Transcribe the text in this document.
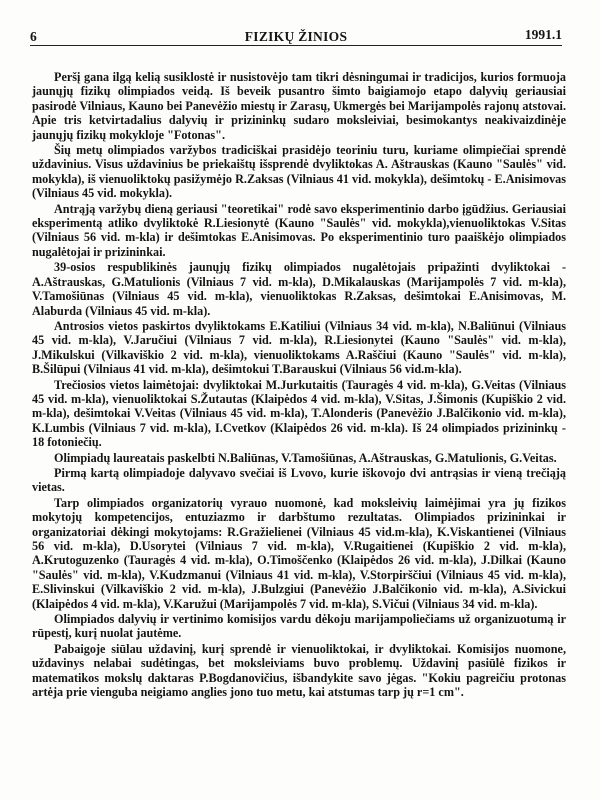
6	FIZIKŲ ŽINIOS	1991.1

Peršį gana ilgą kelią susiklostė ir nusistovėjo tam tikri dėsningumai ir tradicijos, kurios formuoja jaunųjų fizikų olimpiados veidą. Iš beveik pusantro šimto baigiamojo etapo dalyvių geriausiai pasirodė Vilniaus, Kauno bei Panevėžio miestų ir Zarasų, Ukmergės bei Marijampolės rajonų atstovai. Apie tris ketvirtadalius dalyvių ir prizininkų sudaro moksleiviai, besimokantys neakivaizdinėje jaunųjų fizikų mokykloje "Fotonas".

Šių metų olimpiados varžybos tradiciškai prasidėjo teoriniu turu, kuriame olimpiečiai sprendė uždavinius. Visus uždavinius be priekaištų išsprendė dvyliktokas A. Aštrauskas (Kauno "Saulės" vid. mokykla), iš vienuoliktokų pasižymėjo R.Zaksas (Vilniaus 41 vid. mokykla), dešimtokų - E.Anisimovas (Vilniaus 45 vid. mokykla).

Antrąją varžybų dieną geriausi "teoretikai" rodė savo eksperimentinio darbo įgūdžius. Geriausiai eksperimentą atliko dvyliktokė R.Liesionytė (Kauno "Saulės" vid. mokykla),vienuoliktokas V.Sitas (Vilniaus 56 vid. m-kla) ir dešimtokas E.Anisimovas. Po eksperimentinio turo paaiškėjo olimpiados nugalėtojai ir prizininkai.

39-osios respublikinės jaunųjų fizikų olimpiados nugalėtojais pripažinti dvyliktokai - A.Aštrauskas, G.Matulionis (Vilniaus 7 vid. m-kla), D.Mikalauskas (Marijampolės 7 vid. m-kla), V.Tamošiūnas (Vilniaus 45 vid. m-kla), vienuoliktokas R.Zaksas, dešimtokai E.Anisimovas, M. Alaburda (Vilniaus 45 vid. m-kla).

Antrosios vietos paskirtos dvyliktokams E.Katiliui (Vilniaus 34 vid. m-kla), N.Baliūnui (Vilniaus 45 vid. m-kla), V.Jaručiui (Vilniaus 7 vid. m-kla), R.Liesionytei (Kauno "Saulės" vid. m-kla), J.Mikulskui (Vilkaviškio 2 vid. m-kla), vienuoliktokams A.Raščiui (Kauno "Saulės" vid. m-kla), B.Šilūpui (Vilniaus 41 vid. m-kla), dešimtokui T.Barauskui (Vilniaus 56 vid.m-kla).

Trečiosios vietos laimėtojai: dvyliktokai M.Jurkutaitis (Tauragės 4 vid. m-kla), G.Veitas (Vilniaus 45 vid. m-kla), vienuoliktokai S.Žutautas (Klaipėdos 4 vid. m-kla), V.Sitas, J.Šimonis (Kupiškio 2 vid. m-kla), dešimtokai V.Veitas (Vilniaus 45 vid. m-kla), T.Alonderis (Panevėžio J.Balčikonio vid. m-kla), K.Lumbis (Vilniaus 7 vid. m-kla), I.Cvetkov (Klaipėdos 26 vid. m-kla). Iš 24 olimpiados prizininkų - 18 fotoniečių.

Olimpiadų laureatais paskelbti N.Baliūnas, V.Tamošiūnas, A.Aštrauskas, G.Matulionis, G.Veitas.

Pirmą kartą olimpiadoje dalyvavo svečiai iš Lvovo, kurie iškovojo dvi antrąsias ir vieną trečiąją vietas.

Tarp olimpiados organizatorių vyrauo nuomonė, kad moksleivių laimėjimai yra jų fizikos mokytojų kompetencijos, entuziazmo ir darbštumo rezultatas. Olimpiados prizininkai ir organizatoriai dėkingi mokytojams: R.Gražielienei (Vilniaus 45 vid.m-kla), K.Viskantienei (Vilniaus 56 vid. m-kla), D.Usorytei (Vilniaus 7 vid. m-kla), V.Rugaitienei (Kupiškio 2 vid. m-kla), A.Krutoguzenko (Tauragės 4 vid. m-kla), O.Timoščenko (Klaipėdos 26 vid. m-kla), J.Dilkai (Kauno "Saulės" vid. m-kla), V.Kudzmanui (Vilniaus 41 vid. m-kla), V.Storpirščiui (Vilniaus 45 vid. m-kla), E.Slivinskui (Vilkaviškio 2 vid. m-kla), J.Bulzgiui (Panevėžio J.Balčikonio vid. m-kla), A.Sivickui (Klaipėdos 4 vid. m-kla), V.Karužui (Marijampolės 7 vid. m-kla), S.Vičui (Vilniaus 34 vid. m-kla).

Olimpiados dalyvių ir vertinimo komisijos vardu dėkoju marijampoliečiams už organizuotumą ir rūpestį, kurį nuolat jautėme.

Pabaigoje siūlau uždavinį, kurį sprendė ir vienuoliktokai, ir dvyliktokai. Komisijos nuomone, uždavinys nelabai sudėtingas, bet moksleiviams buvo problemų. Uždavinį pasiūlė fizikos ir matematikos mokslų daktaras P.Bogdanovičius, išbandykite savo jėgas. "Kokiu pagreičiu protonas artėja prie vienguba neigiamo anglies jono tuo metu, kai atstumas tarp jų r=1 cm".
